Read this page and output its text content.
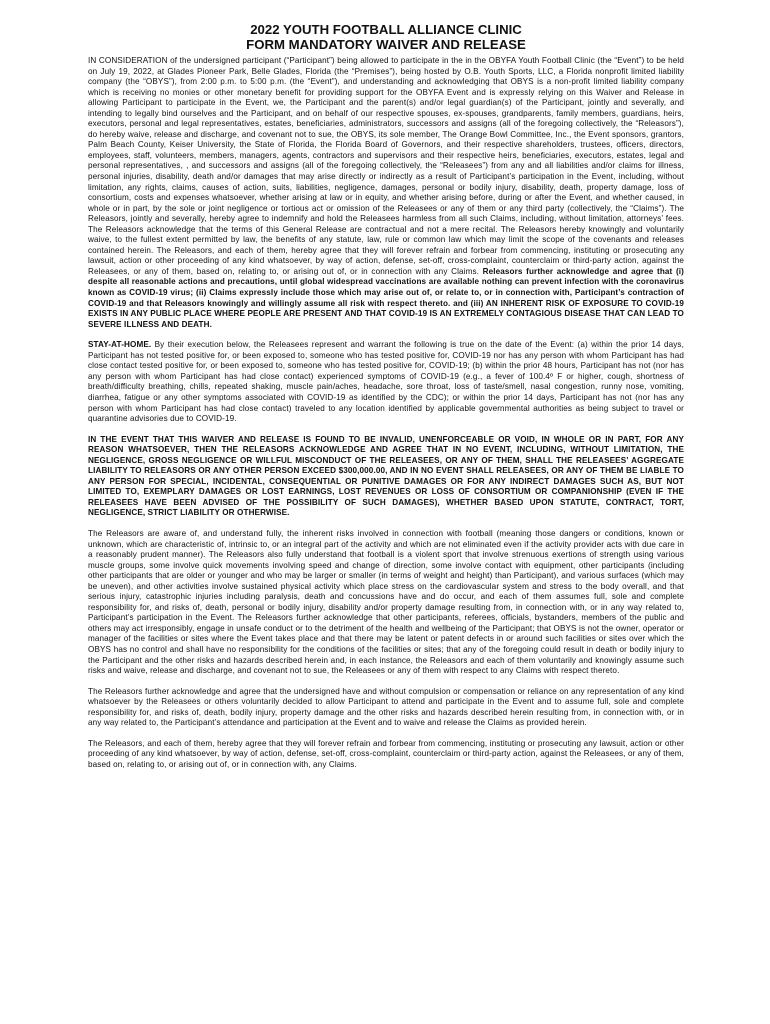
2022 YOUTH FOOTBALL ALLIANCE CLINIC
FORM MANDATORY WAIVER AND RELEASE

IN CONSIDERATION of the undersigned participant (“Participant”) being allowed to participate in the in the OBYFA Youth Football Clinic (the “Event”) to be held on July 19, 2022, at Glades Pioneer Park, Belle Glades, Florida (the “Premises”), being hosted by O.B. Youth Sports, LLC, a Florida nonprofit limited liability company (the “OBYS”), from 2:00 p.m. to 5:00 p.m. (the “Event”), and understanding and acknowledging that OBYS is a non-profit limited liability company which is receiving no monies or other monetary benefit for providing support for the OBYFA Event and is expressly relying on this Waiver and Release in allowing Participant to participate in the Event, we, the Participant and the parent(s) and/or legal guardian(s) of the Participant, jointly and severally, and intending to legally bind ourselves and the Participant, and on behalf of our respective spouses, ex-spouses, grandparents, family members, guardians, heirs, executors, personal and legal representatives, estates, beneficiaries, administrators, successors and assigns (all of the foregoing collectively, the “Releasors”), do hereby waive, release and discharge, and covenant not to sue, the OBYS, its sole member, The Orange Bowl Committee, Inc., the Event sponsors, grantors, Palm Beach County, Keiser University, the State of Florida, the Florida Board of Governors, and their respective shareholders, trustees, officers, directors, employees, staff, volunteers, members, managers, agents, contractors and supervisors and their respective heirs, beneficiaries, executors, estates, legal and personal representatives, , and successors and assigns (all of the foregoing collectively, the “Releasees”) from any and all liabilities and/or claims for illness, personal injuries, disability, death and/or damages that may arise directly or indirectly as a result of Participant’s participation in the Event, including, without limitation, any rights, claims, causes of action, suits, liabilities, negligence, damages, personal or bodily injury, disability, death, property damage, loss of consortium, costs and expenses whatsoever, whether arising at law or in equity, and whether arising before, during or after the Event, and whether caused, in whole or in part, by the sole or joint negligence or tortious act or omission of the Releasees or any of them or any third party (collectively, the “Claims”). The Releasors, jointly and severally, hereby agree to indemnify and hold the Releasees harmless from all such Claims, including, without limitation, attorneys’ fees. The Releasors acknowledge that the terms of this General Release are contractual and not a mere recital. The Releasors hereby knowingly and voluntarily waive, to the fullest extent permitted by law, the benefits of any statute, law, rule or common law which may limit the scope of the covenants and releases contained herein. The Releasors, and each of them, hereby agree that they will forever refrain and forbear from commencing, instituting or prosecuting any lawsuit, action or other proceeding of any kind whatsoever, by way of action, defense, set-off, cross-complaint, counterclaim or third-party action, against the Releasees, or any of them, based on, relating to, or arising out of, or in connection with any Claims. Releasors further acknowledge and agree that (i) despite all reasonable actions and precautions, until global widespread vaccinations are available nothing can prevent infection with the coronavirus known as COVID-19 virus; (ii) Claims expressly include those which may arise out of, or relate to, or in connection with, Participant’s contraction of COVID-19 and that Releasors knowingly and willingly assume all risk with respect thereto. and (iii) AN INHERENT RISK OF EXPOSURE TO COVID-19 EXISTS IN ANY PUBLIC PLACE WHERE PEOPLE ARE PRESENT AND THAT COVID-19 IS AN EXTREMELY CONTAGIOUS DISEASE THAT CAN LEAD TO SEVERE ILLNESS AND DEATH.

STAY-AT-HOME. By their execution below, the Releasees represent and warrant the following is true on the date of the Event: (a) within the prior 14 days, Participant has not tested positive for, or been exposed to, someone who has tested positive for, COVID-19 nor has any person with whom Participant has had close contact tested positive for, or been exposed to, someone who has tested positive for, COVID-19; (b) within the prior 48 hours, Participant has not (nor has any person with whom Participant has had close contact) experienced symptoms of COVID-19 (e.g., a fever of 100.4º F or higher, cough, shortness of breath/difficulty breathing, chills, repeated shaking, muscle pain/aches, headache, sore throat, loss of taste/smell, nasal congestion, runny nose, vomiting, diarrhea, fatigue or any other symptoms associated with COVID-19 as identified by the CDC); or within the prior 14 days, Participant has not (nor has any person with whom Participant has had close contact) traveled to any location identified by applicable governmental authorities as being subject to travel or quarantine advisories due to COVID-19.

IN THE EVENT THAT THIS WAIVER AND RELEASE IS FOUND TO BE INVALID, UNENFORCEABLE OR VOID, IN WHOLE OR IN PART, FOR ANY REASON WHATSOEVER, THEN THE RELEASORS ACKNOWLEDGE AND AGREE THAT IN NO EVENT, INCLUDING, WITHOUT LIMITATION, THE NEGLIGENCE, GROSS NEGLIGENCE OR WILLFUL MISCONDUCT OF THE RELEASEES, OR ANY OF THEM, SHALL THE RELEASEES’ AGGREGATE LIABILITY TO RELEASORS OR ANY OTHER PERSON EXCEED $300,000.00, AND IN NO EVENT SHALL RELEASEES, OR ANY OF THEM BE LIABLE TO ANY PERSON FOR SPECIAL, INCIDENTAL, CONSEQUENTIAL OR PUNITIVE DAMAGES OR FOR ANY INDIRECT DAMAGES SUCH AS, BUT NOT LIMITED TO, EXEMPLARY DAMAGES OR LOST EARNINGS, LOST REVENUES OR LOSS OF CONSORTIUM OR COMPANIONSHIP (EVEN IF THE RELEASEES HAVE BEEN ADVISED OF THE POSSIBILITY OF SUCH DAMAGES), WHETHER BASED UPON STATUTE, CONTRACT, TORT, NEGLIGENCE, STRICT LIABILITY OR OTHERWISE.

The Releasors are aware of, and understand fully, the inherent risks involved in connection with football (meaning those dangers or conditions, known or unknown, which are characteristic of, intrinsic to, or an integral part of the activity and which are not eliminated even if the activity provider acts with due care in a reasonably prudent manner). The Releasors also fully understand that football is a violent sport that involve strenuous exertions of strength using various muscle groups, some involve quick movements involving speed and change of direction, some involve contact with equipment, other participants (including other participants that are older or younger and who may be larger or smaller (in terms of weight and height) than Participant), and various surfaces (which may be uneven), and other activities involve sustained physical activity which place stress on the cardiovascular system and stress to the body overall, and that serious injury, catastrophic injuries including paralysis, death and concussions have and do occur, and each of them assumes full, sole and complete responsibility for, and risks of, death, personal or bodily injury, disability and/or property damage resulting from, in connection with, or in any way related to, Participant’s participation in the Event. The Releasors further acknowledge that other participants, referees, officials, bystanders, members of the public and others may act irresponsibly, engage in unsafe conduct or to the detriment of the health and wellbeing of the Participant; that OBYS is not the owner, operator or manager of the facilities or sites where the Event takes place and that there may be latent or patent defects in or around such facilities or sites over which the OBYS has no control and shall have no responsibility for the conditions of the facilities or sites; that any of the foregoing could result in death or bodily injury to the Participant and the other risks and hazards described herein and, in each instance, the Releasors and each of them voluntarily and knowingly assume such risks and waive, release and discharge, and covenant not to sue, the Releasees or any of them with respect to any Claims with respect thereto.

The Releasors further acknowledge and agree that the undersigned have and without compulsion or compensation or reliance on any representation of any kind whatsoever by the Releasees or others voluntarily decided to allow Participant to attend and participate in the Event and to assume full, sole and complete responsibility for, and risks of, death, bodily injury, property damage and the other risks and hazards described herein resulting from, in connection with, or in any way related to, the Participant’s attendance and participation at the Event and to waive and release the Claims as provided herein.

The Releasors, and each of them, hereby agree that they will forever refrain and forbear from commencing, instituting or prosecuting any lawsuit, action or other proceeding of any kind whatsoever, by way of action, defense, set-off, cross-complaint, counterclaim or third-party action, against the Releasees, or any of them, based on, relating to, or arising out of, or in connection with, any Claims.
